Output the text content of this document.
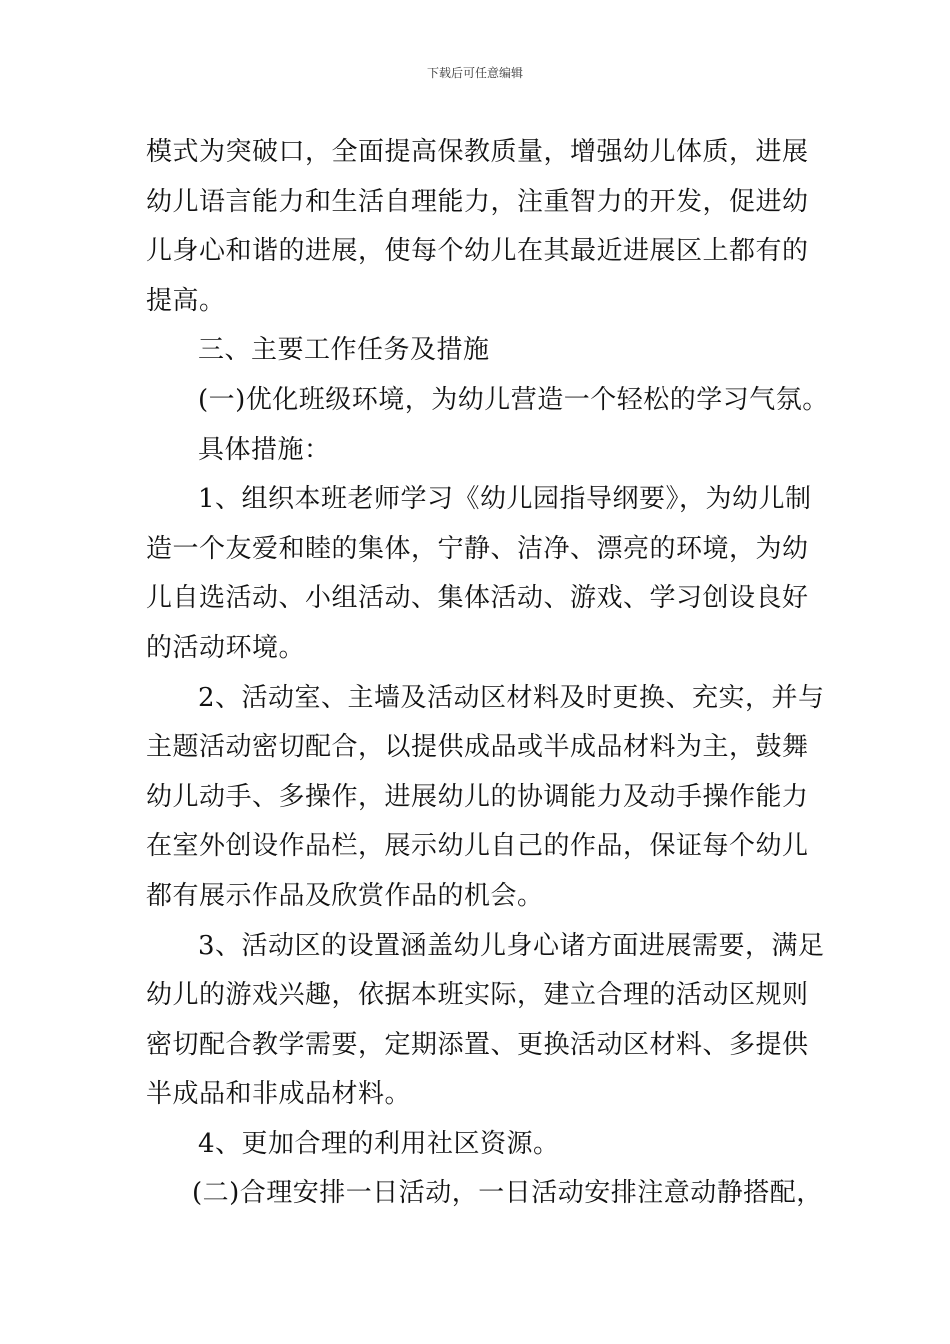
下载后可任意编辑
模式为突破口，全面提高保教质量，增强幼儿体质，进展
幼儿语言能力和生活自理能力，注重智力的开发，促进幼
儿身心和谐的进展，使每个幼儿在其最近进展区上都有的
提高。
三、主要工作任务及措施
(一)优化班级环境，为幼儿营造一个轻松的学习气氛。
具体措施：
1、组织本班老师学习《幼儿园指导纲要》，为幼儿制
造一个友爱和睦的集体，宁静、洁净、漂亮的环境，为幼
儿自选活动、小组活动、集体活动、游戏、学习创设良好
的活动环境。
2、活动室、主墙及活动区材料及时更换、充实，并与
主题活动密切配合，以提供成品或半成品材料为主，鼓舞
幼儿动手、多操作，进展幼儿的协调能力及动手操作能力
在室外创设作品栏，展示幼儿自己的作品，保证每个幼儿
都有展示作品及欣赏作品的机会。
3、活动区的设置涵盖幼儿身心诸方面进展需要，满足
幼儿的游戏兴趣，依据本班实际，建立合理的活动区规则
密切配合教学需要，定期添置、更换活动区材料、多提供
半成品和非成品材料。
4、更加合理的利用社区资源。
(二)合理安排一日活动，一日活动安排注意动静搭配，
